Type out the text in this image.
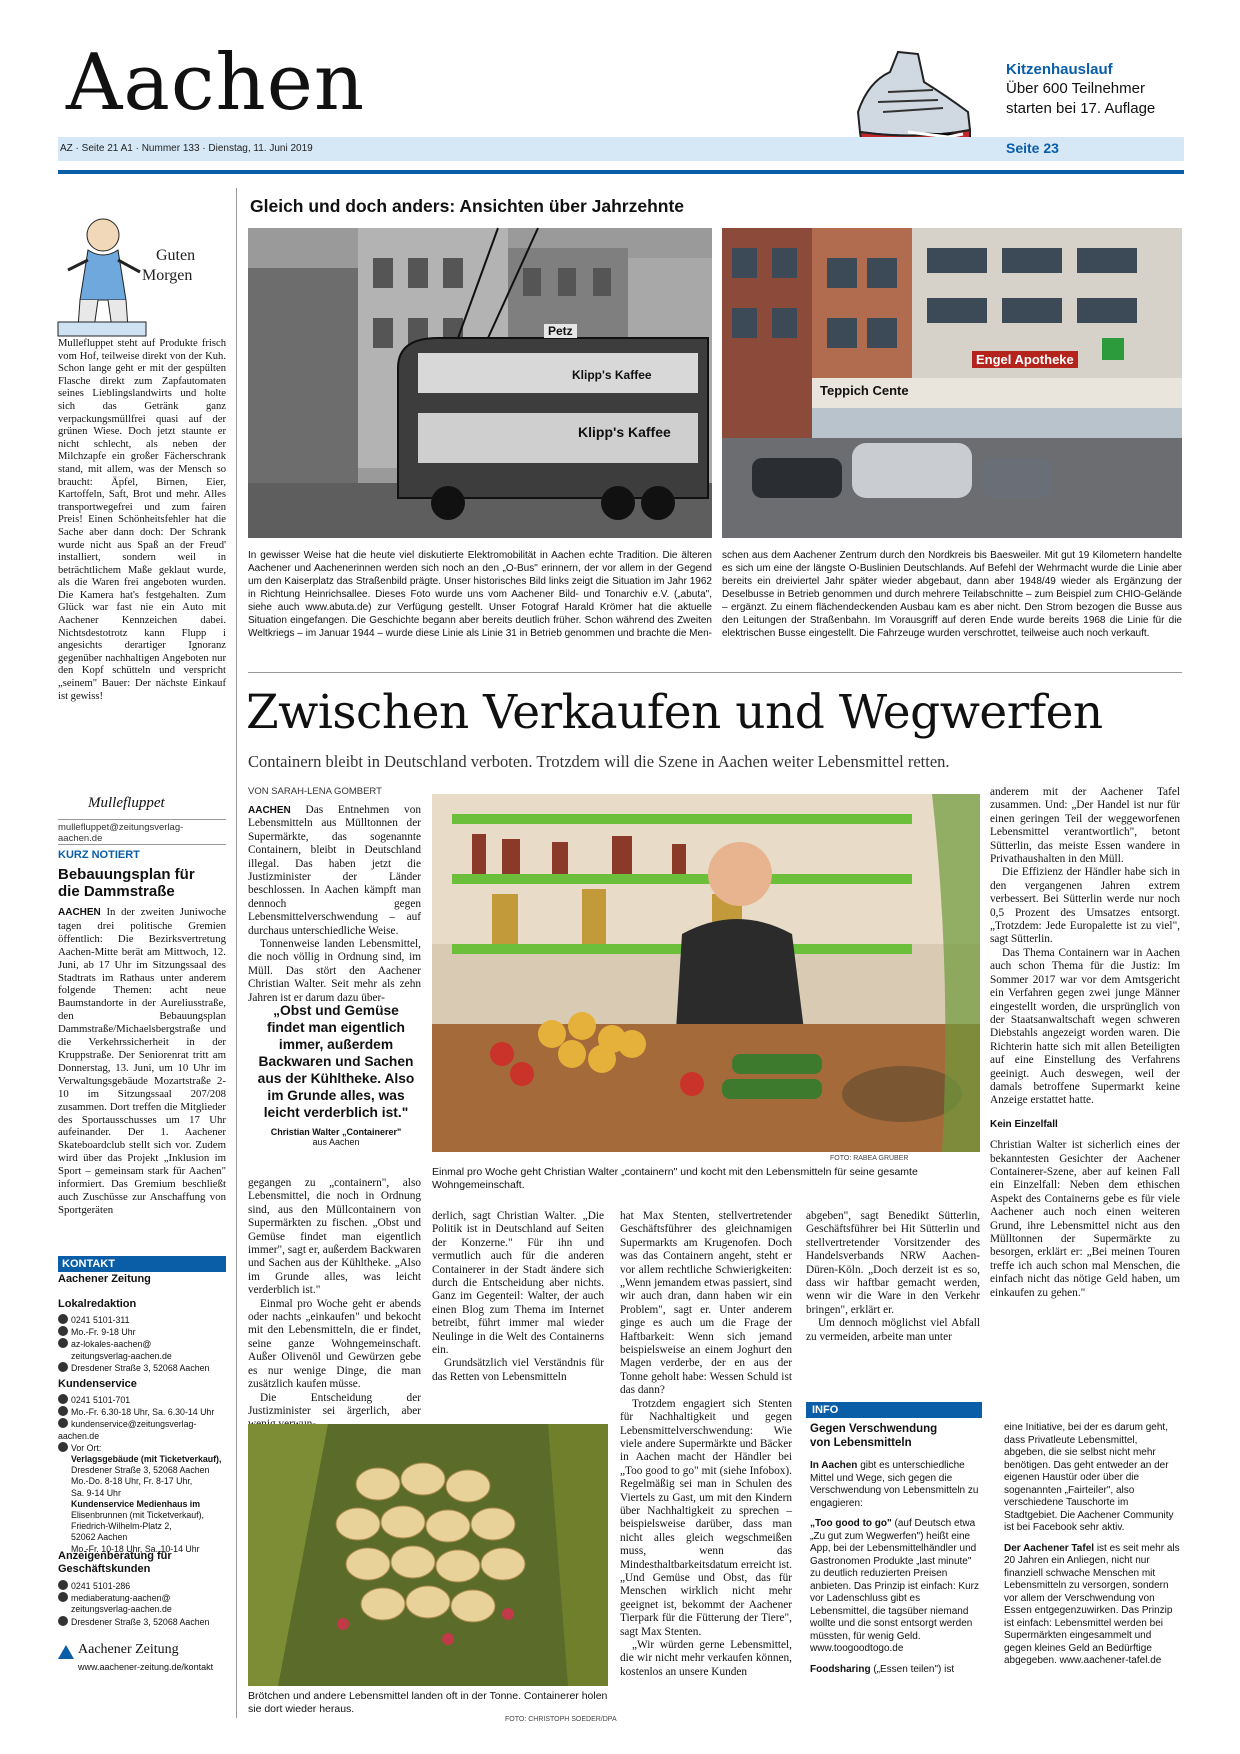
Aachen	Kitzenhauslauf
Über 600 Teilnehmer
starten bei 17. Auflage
AZ · Seite 21 A1 · Nummer 133 · Dienstag, 11. Juni 2019	Seite 23
Guten
Morgen
Mullefluppet steht auf Produkte frisch vom Hof, teilweise direkt von der Kuh. Schon lange geht er mit der gespülten Flasche direkt zum Zapfautomaten seines Lieblingslandwirts und holte sich das Getränk ganz verpackungsmüllfrei quasi auf der grünen Wiese. Doch jetzt staunte er nicht schlecht, als neben der Milchzapfe ein großer Fächerschrank stand, mit allem, was der Mensch so braucht: Äpfel, Birnen, Eier, Kartoffeln, Saft, Brot und mehr. Alles transportwegefrei und zum fairen Preis! Einen Schönheitsfehler hat die Sache aber dann doch: Der Schrank wurde nicht aus Spaß an der Freud' installiert, sondern weil in beträchtlichem Maße geklaut wurde, als die Waren frei angeboten wurden. Die Kamera hat's festgehalten. Zum Glück war fast nie ein Auto mit Aachener Kennzeichen dabei. Nichtsdestotrotz kann Flupp i angesichts derartiger Ignoranz gegenüber nachhaltigen Angeboten nur den Kopf schütteln und verspricht „seinem" Bauer: Der nächste Einkauf ist gewiss!
Mullefluppet
mullefluppet@zeitungsverlag-aachen.de
KURZ NOTIERT
Bebauungsplan für
die Dammstraße
AACHEN In der zweiten Juniwoche tagen drei politische Gremien öffentlich: Die Bezirksvertretung Aachen-Mitte berät am Mittwoch, 12. Juni, ab 17 Uhr im Sitzungssaal des Stadtrats im Rathaus unter anderem folgende Themen: acht neue Baumstandorte in der Aureliusstraße, den Bebauungsplan Dammstraße/Michaelsbergstraße und die Verkehrssicherheit in der Kruppstraße. Der Seniorenrat tritt am Donnerstag, 13. Juni, um 10 Uhr im Verwaltungsgebäude Mozartstraße 2-10 im Sitzungssaal 207/208 zusammen. Dort treffen die Mitglieder des Sportausschusses um 17 Uhr aufeinander. Der 1. Aachener Skateboardclub stellt sich vor. Zudem wird über das Projekt „Inklusion im Sport – gemeinsam stark für Aachen" informiert. Das Gremium beschließt auch Zuschüsse zur Anschaffung von Sportgeräten
KONTAKT
Aachener Zeitung
Lokalredaktion
0241 5101-311
Mo.-Fr. 9-18 Uhr
az-lokales-aachen@
zeitungsverlag-aachen.de
Dresdener Straße 3, 52068 Aachen
Kundenservice
0241 5101-701
Mo.-Fr. 6.30-18 Uhr, Sa. 6.30-14 Uhr
kundenservice@zeitungsverlag-aachen.de
Vor Ort:
Verlagsgebäude (mit Ticketverkauf),
Dresdener Straße 3, 52068 Aachen
Mo.-Do. 8-18 Uhr, Fr. 8-17 Uhr,
Sa. 9-14 Uhr
Kundenservice Medienhaus im
Elisenbrunnen (mit Ticketverkauf),
Friedrich-Wilhelm-Platz 2,
52062 Aachen
Mo.-Fr. 10-18 Uhr, Sa. 10-14 Uhr
Anzeigenberatung für Geschäftskunden
0241 5101-286
mediaberatung-aachen@
zeitungsverlag-aachen.de
Dresdener Straße 3, 52068 Aachen
Aachener Zeitung
www.aachener-zeitung.de/kontakt
Gleich und doch anders: Ansichten über Jahrzehnte
Petz
Klipp's Kaffee
Klipp's Kaffee
Teppich Cente
Engel Apotheke
In gewisser Weise hat die heute viel diskutierte Elektromobilität in Aachen echte Tradition. Die älteren Aachener und Aachenerinnen werden sich noch an den „O-Bus" erinnern, der vor allem in der Gegend um den Kaiserplatz das Straßenbild prägte. Unser historisches Bild links zeigt die Situation im Jahr 1962 in Richtung Heinrichsallee. Dieses Foto wurde uns vom Aachener Bild- und Tonarchiv e.V. („abuta", siehe auch www.abuta.de) zur Verfügung gestellt. Unser Fotograf Harald Krömer hat die aktuelle Situation eingefangen. Die Geschichte begann aber bereits deutlich früher. Schon während des Zweiten Weltkriegs – im Januar 1944 – wurde diese Linie als Linie 31 in Betrieb genommen und brachte die Men-
schen aus dem Aachener Zentrum durch den Nordkreis bis Baesweiler. Mit gut 19 Kilometern handelte es sich um eine der längste O-Buslinien Deutschlands. Auf Befehl der Wehrmacht wurde die Linie aber bereits ein dreiviertel Jahr später wieder abgebaut, dann aber 1948/49 wieder als Ergänzung der Deselbusse in Betrieb genommen und durch mehrere Teilabschnitte – zum Beispiel zum CHIO-Gelände – ergänzt. Zu einem flächendeckenden Ausbau kam es aber nicht. Den Strom bezogen die Busse aus den Leitungen der Straßenbahn. Im Vorausgriff auf deren Ende wurde bereits 1968 die Linie für die elektrischen Busse eingestellt. Die Fahrzeuge wurden verschrottet, teilweise auch noch verkauft.
Zwischen Verkaufen und Wegwerfen
Containern bleibt in Deutschland verboten. Trotzdem will die Szene in Aachen weiter Lebensmittel retten.
VON SARAH-LENA GOMBERT

AACHEN Das Entnehmen von Lebensmitteln aus Mülltonnen der Supermärkte, das sogenannte Containern, bleibt in Deutschland illegal. Das haben jetzt die Justizminister der Länder beschlossen. In Aachen kämpft man dennoch gegen Lebensmittelverschwendung – auf durchaus unterschiedliche Weise.

Tonnenweise landen Lebensmittel, die noch völlig in Ordnung sind, im Müll. Das stört den Aachener Christian Walter. Seit mehr als zehn Jahren ist er darum dazu über-

„Obst und Gemüse findet man eigentlich immer, außerdem Backwaren und Sachen aus der Kühltheke. Also im Grunde alles, was leicht verderblich ist."
Christian Walter „Containerer"
aus Aachen

gegangen zu „containern", also Lebensmittel, die noch in Ordnung sind, aus den Müllcontainern von Supermärkten zu fischen. „Obst und Gemüse findet man eigentlich immer", sagt er, außerdem Backwaren und Sachen aus der Kühltheke. „Also im Grunde alles, was leicht verderblich ist."

Einmal pro Woche geht er abends oder nachts „einkaufen" und bekocht mit den Lebensmitteln, die er findet, seine ganze Wohngemeinschaft. Außer Olivenöl und Gewürzen gebe es nur wenige Dinge, die man zusätzlich kaufen müsse.

Die Entscheidung der Justizminister sei ärgerlich, aber

FOTO: RABEA GRUBER
Einmal pro Woche geht Christian Walter „containern" und kocht mit den Lebensmitteln für seine gesamte Wohngemeinschaft.

anderem mit der Aachener Tafel zusammen. Und: „Der Handel ist nur für einen geringen Teil der weggeworfenen Lebensmittel verantwortlich", betont Sütterlin, das meiste Essen wandere in Privathaushalten in den Müll.

Die Effizienz der Händler habe sich in den vergangenen Jahren extrem verbessert. Bei Sütterlin werde nur noch 0,5 Prozent des Umsatzes entsorgt. „Trotzdem: Jede Europalette ist zu viel", sagt Sütterlin.

Das Thema Containern war in Aachen auch schon Thema für die Justiz: Im Sommer 2017 war vor dem Amtsgericht ein Verfahren gegen zwei junge Männer eingestellt worden, die ursprünglich von der Staatsanwaltschaft wegen schweren Diebstahls angezeigt worden waren. Die Richterin hatte sich mit allen Beteiligten auf eine Einstellung des Verfahrens geeinigt. Auch deswegen, weil der damals betroffene Supermarkt keine Anzeige erstattet hatte.

Kein Einzelfall

Christian Walter ist sicherlich eines der bekanntesten Gesichter der Aachener Containerer-Szene, aber auf keinen Fall ein Einzelfall: Neben dem ethischen Aspekt des Containerns gebe es für viele Aachener auch noch einen weiteren Grund, ihre Lebensmittel nicht aus den Mülltonnen der Supermärkte zu besorgen, erklärt er: „Bei meinen Touren treffe ich auch schon mal Menschen, die einfach nicht das nötige Geld haben, um einkaufen zu gehen."

derlich, sagt Christian Walter. „Die Politik ist in Deutschland auf Seiten der Konzerne." Für ihn und vermutlich auch für die anderen Containerer in der Stadt ändere sich durch die Entscheidung aber nichts. Ganz im Gegenteil: Walter, der auch einen Blog zum Thema im Internet betreibt, führt immer mal wieder Neulinge in die Welt des Containerns ein.

Grundsätzlich viel Verständnis für das Retten von Lebensmitteln

hat Max Stenten, stellvertretender Geschäftsführer des gleichnamigen Supermarkts am Krugenofen. Doch was das Containern angeht, steht er vor allem rechtliche Schwierigkeiten: „Wenn jemandem etwas passiert, sind wir auch dran, dann haben wir ein Problem", sagt er. Unter anderem ginge es auch um die Frage der Haftbarkeit: Wenn sich jemand beispielsweise an einem Joghurt den Magen verderbe, der en aus der Tonne geholt habe: Wessen Schuld ist das dann?

Trotzdem engagiert sich Stenten für Nachhaltigkeit und gegen Lebensmittelverschwendung: Wie viele andere Supermärkte und Bäcker in Aachen macht der Händler bei „Too good to go" mit (siehe Infobox). Regelmäßig sei man in Schulen des Viertels zu Gast, um mit den Kindern über Nachhaltigkeit zu sprechen – beispielsweise darüber, dass man nicht alles gleich wegschmeißen muss, wenn das Mindesthaltbarkeitsdatum erreicht ist. „Und Gemüse und Obst, das für Menschen wirklich nicht mehr geeignet ist, bekommt der Aachener Tierpark für die Fütterung der Tiere", sagt Max Stenten.

„Wir würden gerne Lebensmittel, die wir nicht mehr verkaufen können, kostenlos an unsere Kunden

abgeben", sagt Benedikt Sütterlin, Geschäftsführer bei Hit Sütterlin und stellvertretender Vorsitzender des Handelsverbands NRW Aachen-Düren-Köln. „Doch derzeit ist es so, dass wir haftbar gemacht werden, wenn wir die Ware in den Verkehr bringen", erklärt er.

Um dennoch möglichst viel Abfall zu vermeiden, arbeite man unter

Brötchen und andere Lebensmittel landen oft in der Tonne. Containerer holen sie dort wieder heraus.
FOTO: CHRISTOPH SOEDER/DPA
INFO
Gegen Verschwendung
von Lebensmitteln

In Aachen gibt es unterschiedliche Mittel und Wege, sich gegen die Verschwendung von Lebensmitteln zu engagieren:

„Too good to go" (auf Deutsch etwa „Zu gut zum Wegwerfen") heißt eine App, bei der Lebensmittelhändler und Gastronomen Produkte „last minute" zu deutlich reduzierten Preisen anbieten. Das Prinzip ist einfach: Kurz vor Ladenschluss gibt es Lebensmittel, die tagsüber niemand wollte und die sonst entsorgt werden müssten, für wenig Geld. www.toogoodtogo.de

Foodsharing („Essen teilen") ist

eine Initiative, bei der es darum geht, dass Privatleute Lebensmittel, abgeben, die sie selbst nicht mehr benötigen. Das geht entweder an der eigenen Haustür oder über die sogenannten „Fairteiler", also verschiedene Tauschorte im Stadtgebiet. Die Aachener Community ist bei Facebook sehr aktiv.

Der Aachener Tafel ist es seit mehr als 20 Jahren ein Anliegen, nicht nur finanziell schwache Menschen mit Lebensmitteln zu versorgen, sondern vor allem der Verschwendung von Essen entgegenzuwirken. Das Prinzip ist einfach: Lebensmittel werden bei Supermärkten eingesammelt und gegen kleines Geld an Bedürftige abgegeben. www.aachener-tafel.de
